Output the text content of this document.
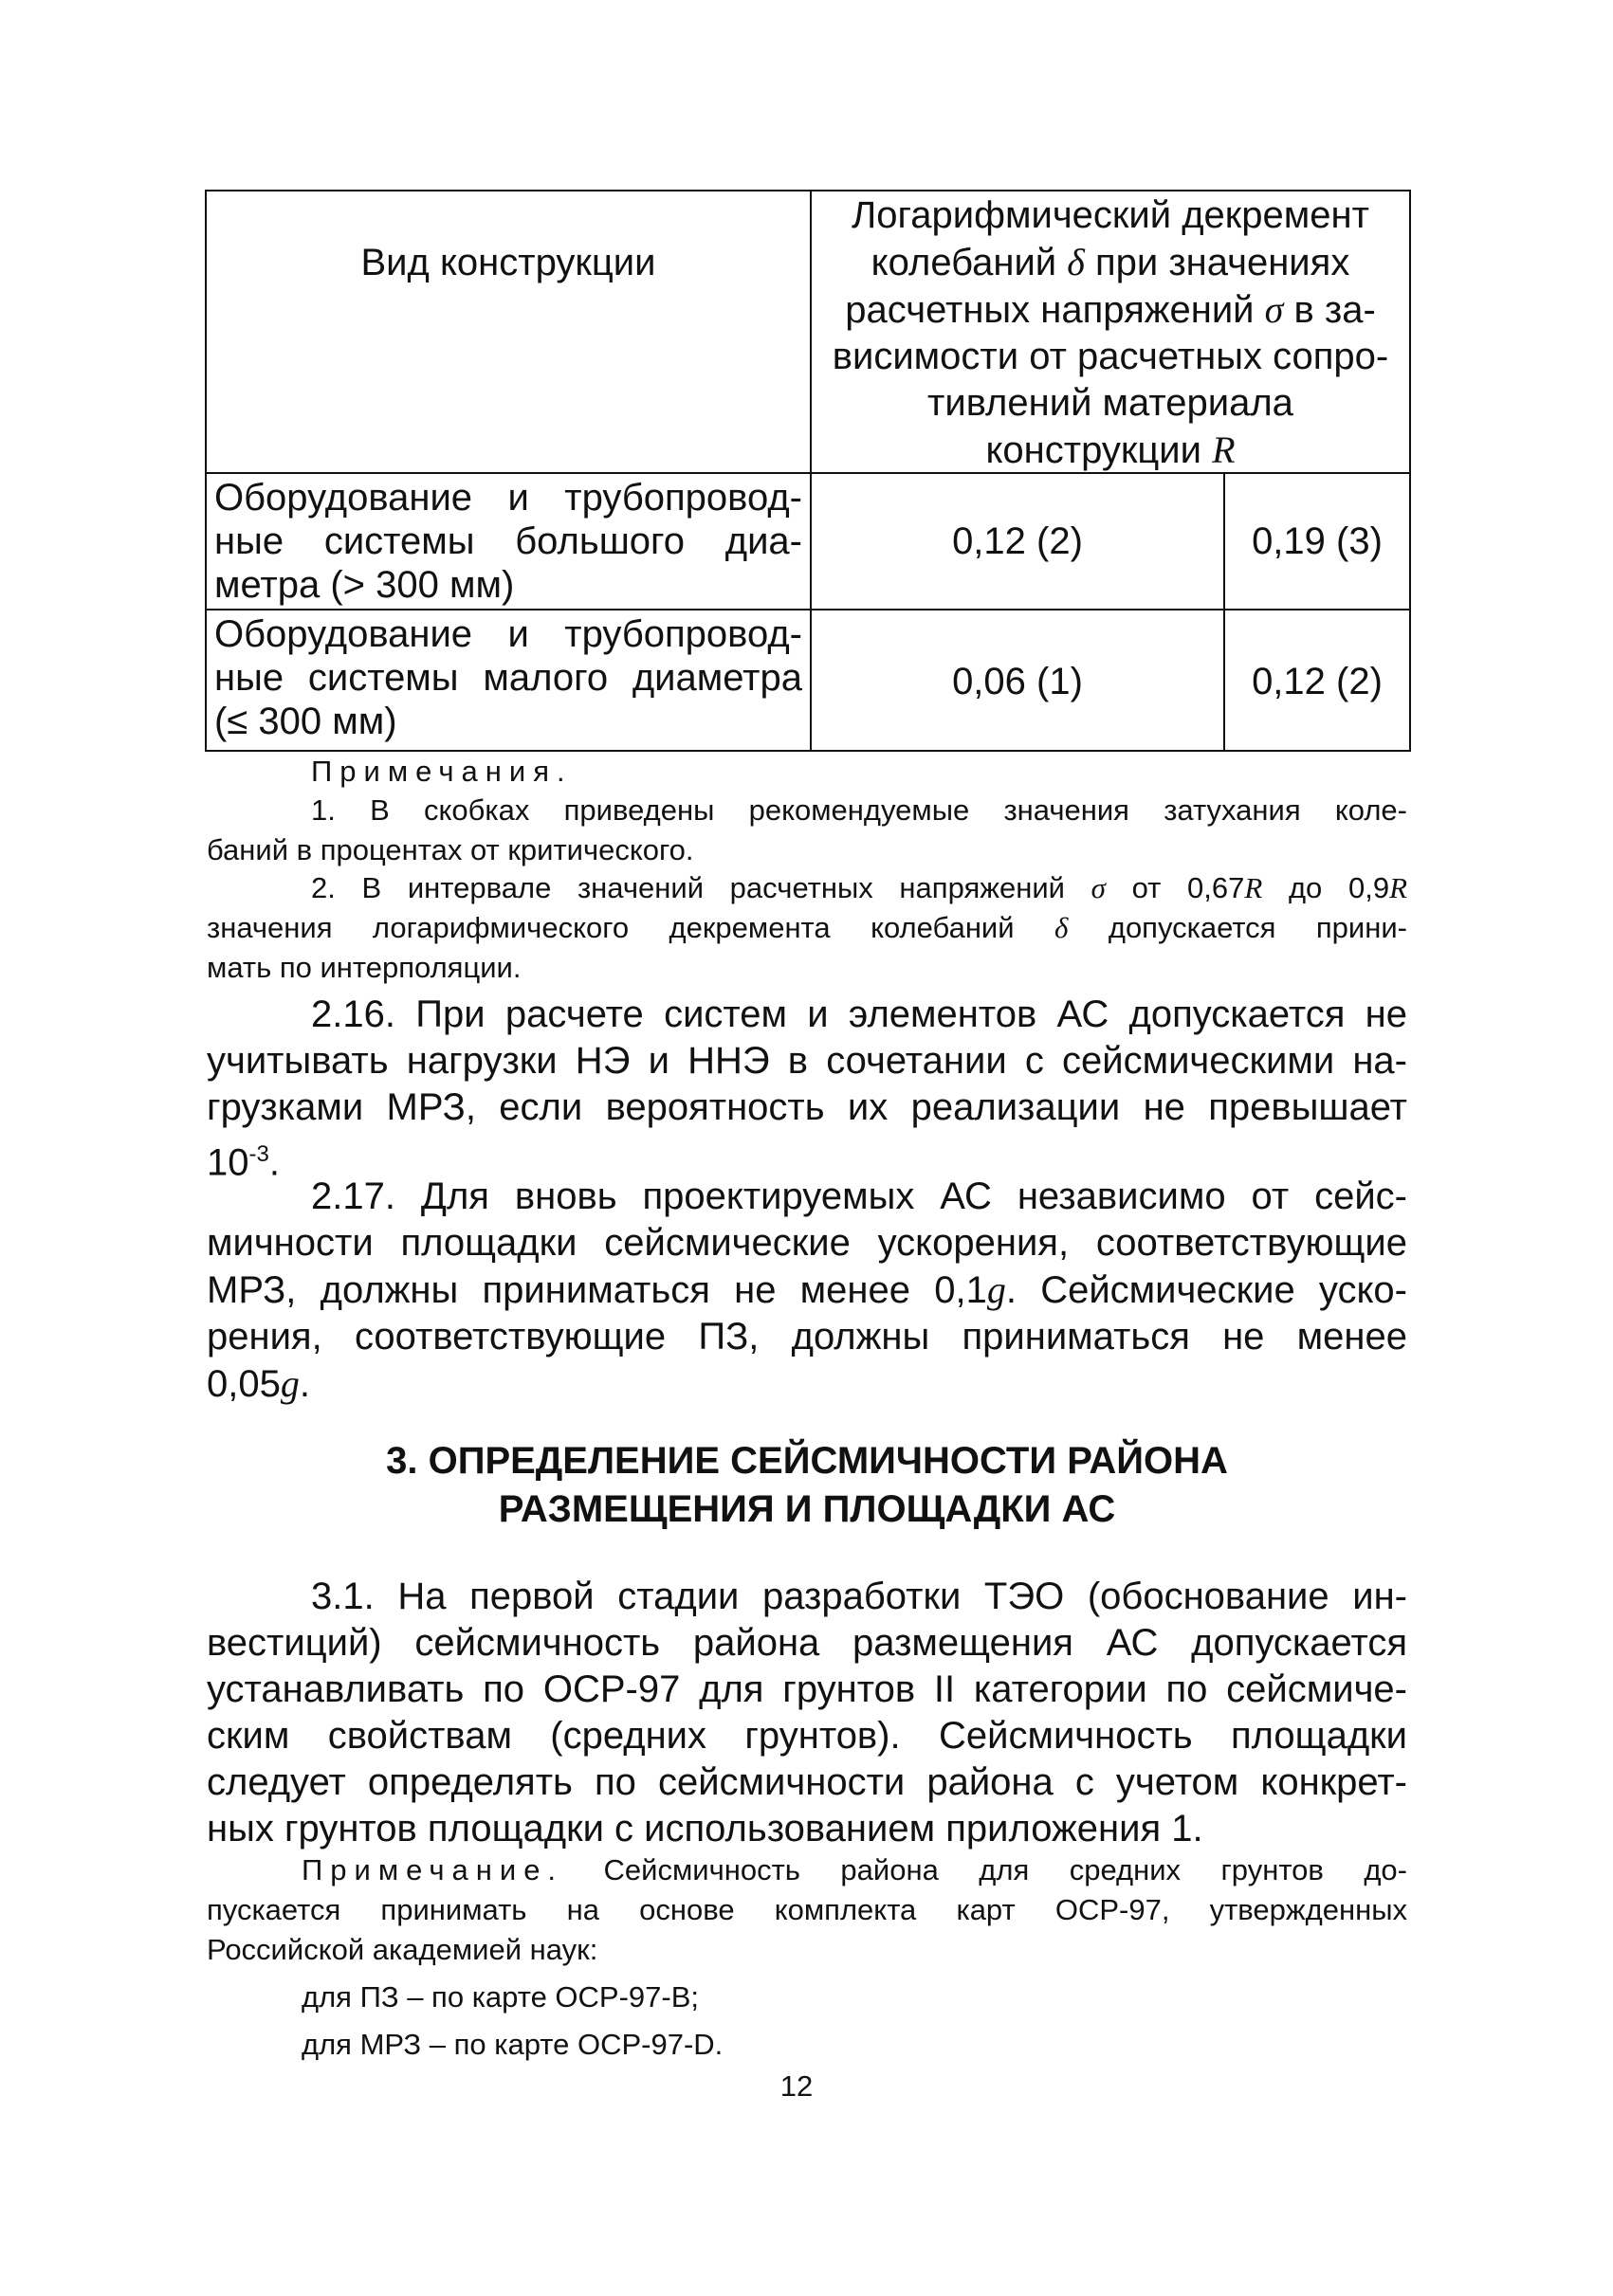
Вид конструкции
Логарифмический декремент
колебаний δ при значениях
расчетных напряжений σ в за-
висимости от расчетных сопро-
тивлений материала
конструкции R
Оборудование и трубопровод-
ные системы большого диа-
метра (> 300 мм)
0,12 (2)	0,19 (3)
Оборудование и трубопровод-
ные системы малого диаметра
(≤ 300 мм)
0,06 (1)	0,12 (2)
Примечания.
1. В скобках приведены рекомендуемые значения затухания коле-
баний в процентах от критического.
2. В интервале значений расчетных напряжений σ от 0,67R до 0,9R
значения логарифмического декремента колебаний δ допускается прини-
мать по интерполяции.
2.16. При расчете систем и элементов АС допускается не
учитывать нагрузки НЭ и ННЭ в сочетании с сейсмическими на-
грузками МРЗ, если вероятность их реализации не превышает
$10^{-3}$.
2.17. Для вновь проектируемых АС независимо от сейс-
мичности площадки сейсмические ускорения, соответствующие
МРЗ, должны приниматься не менее 0,1g. Сейсмические уско-
рения, соответствующие ПЗ, должны приниматься не менее
0,05g.
3. ОПРЕДЕЛЕНИЕ СЕЙСМИЧНОСТИ РАЙОНА
РАЗМЕЩЕНИЯ И ПЛОЩАДКИ АС
3.1. На первой стадии разработки ТЭО (обоснование ин-
вестиций) сейсмичность района размещения АС допускается
устанавливать по ОСР-97 для грунтов II категории по сейсмиче-
ским свойствам (средних грунтов). Сейсмичность площадки
следует определять по сейсмичности района с учетом конкрет-
ных грунтов площадки с использованием приложения 1.
Примечание. Сейсмичность района для средних грунтов до-
пускается принимать на основе комплекта карт ОСР-97, утвержденных
Российской академией наук:
для ПЗ – по карте ОСР-97-В;
для МРЗ – по карте ОСР-97-D.
12
